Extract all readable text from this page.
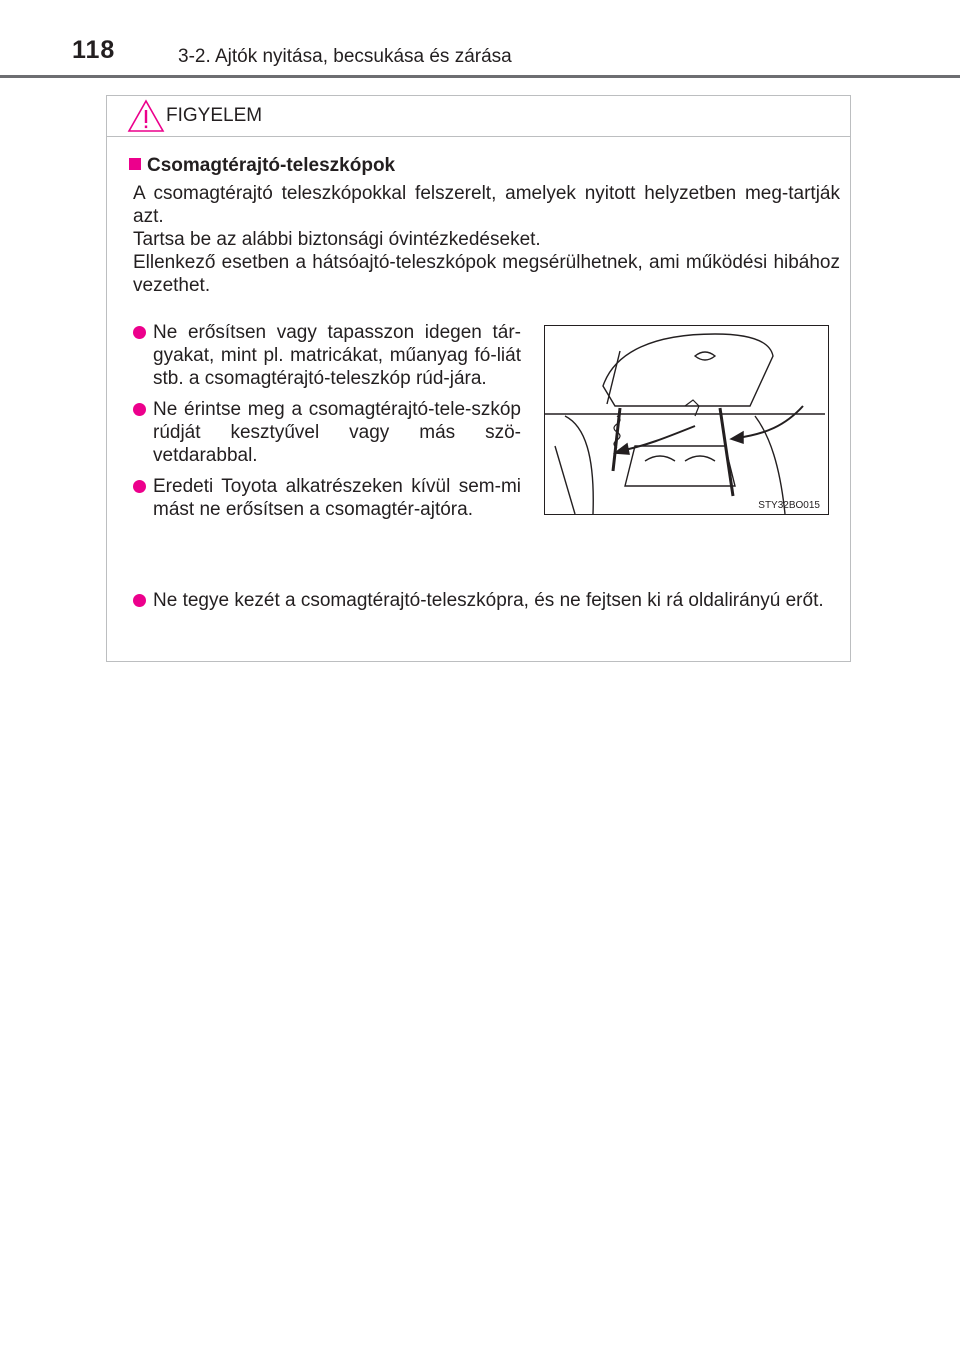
118	3-2. Ajtók nyitása, becsukása és zárása
FIGYELEM
Csomagtérajtó-teleszkópok

A csomagtérajtó teleszkópokkal felszerelt, amelyek nyitott helyzetben meg-tartják azt.

Tartsa be az alábbi biztonsági óvintézkedéseket.

Ellenkező esetben a hátsóajtó-teleszkópok megsérülhetnek, ami működési hibához vezethet.

Ne erősítsen vagy tapasszon idegen tár-gyakat, mint pl. matricákat, műanyag fó-liát stb. a csomagtérajtó-teleszkóp rúd-jára.
Ne érintse meg a csomagtérajtó-tele-szkóp rúdját kesztyűvel vagy más szö-vetdarabbal.
Eredeti Toyota alkatrészeken kívül sem-mi mást ne erősítsen a csomagtér-ajtóra.	STY32BO015
Ne tegye kezét a csomagtérajtó-teleszkópra, és ne fejtsen ki rá oldalirányú erőt.
